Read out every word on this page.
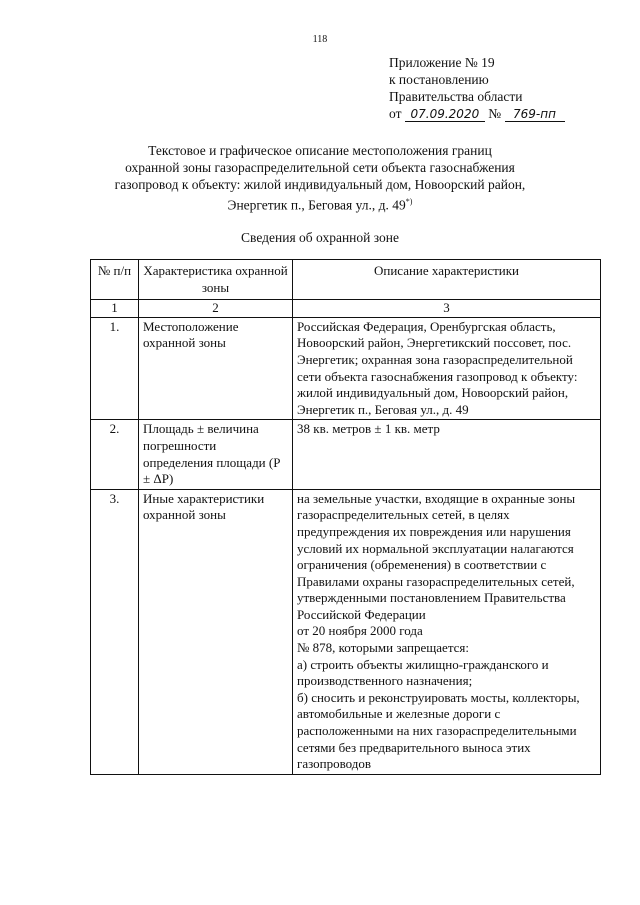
118
Приложение № 19
к постановлению
Правительства области
от 07.09.2020 № 769-пп
Текстовое и графическое описание местоположения границ
охранной зоны газораспределительной сети объекта газоснабжения
газопровод к объекту: жилой индивидуальный дом, Новоорский район,
Энергетик п., Беговая ул., д. 49*)
Сведения об охранной зоне
№ п/п	Характеристика охранной зоны	Описание характеристики
1	2	3
1.	Местоположение охранной зоны	Российская Федерация, Оренбургская область, Новоорский район, Энергетикский поссовет, пос. Энергетик; охранная зона газораспределительной сети объекта газоснабжения газопровод к объекту: жилой индивидуальный дом, Новоорский район, Энергетик п., Беговая ул., д. 49
2.	Площадь ± величина погрешности определения площади (P ± ΔP)	38 кв. метров ± 1 кв. метр
3.	Иные характеристики охранной зоны	на земельные участки, входящие в охранные зоны газораспределительных сетей, в целях предупреждения их повреждения или нарушения условий их нормальной эксплуатации налагаются ограничения (обременения) в соответствии с Правилами охраны газораспределительных сетей, утвержденными постановлением Правительства Российской Федерации

от 20 ноября 2000 года

№ 878, которыми запрещается:

а) строить объекты жилищно-гражданского и производственного назначения;

б) сносить и реконструировать мосты, коллекторы, автомобильные и железные дороги с расположенными на них газораспределительными сетями без предварительного выноса этих газопроводов
